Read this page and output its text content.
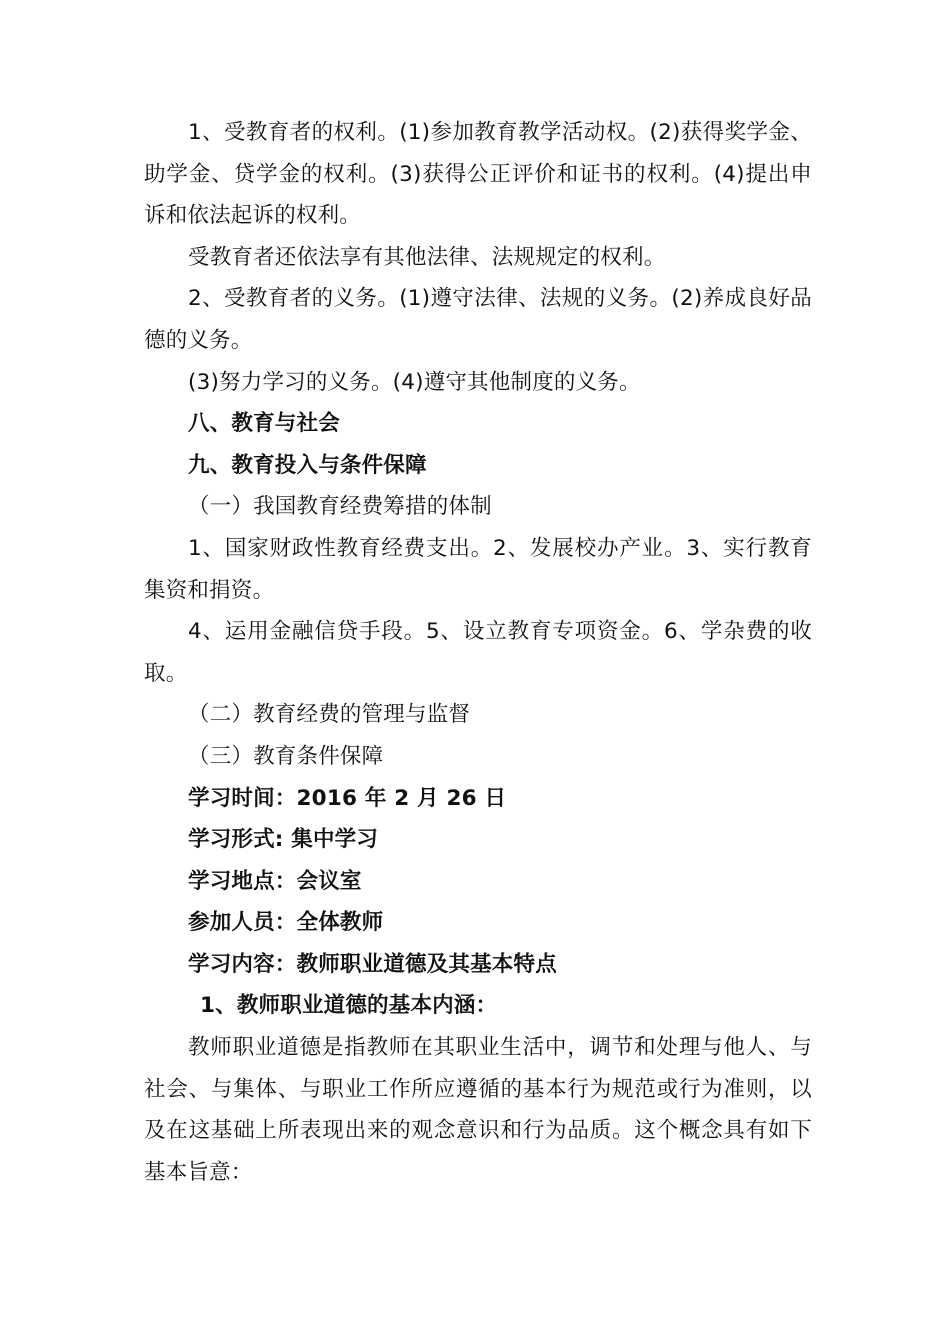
1、受教育者的权利。(1)参加教育教学活动权。(2)获得奖学金、助学金、贷学金的权利。(3)获得公正评价和证书的权利。(4)提出申诉和依法起诉的权利。

受教育者还依法享有其他法律、法规规定的权利。

2、受教育者的义务。(1)遵守法律、法规的义务。(2)养成良好品德的义务。

(3)努力学习的义务。(4)遵守其他制度的义务。

八、教育与社会

九、教育投入与条件保障

（一）我国教育经费筹措的体制

1、国家财政性教育经费支出。2、发展校办产业。3、实行教育集资和捐资。

4、运用金融信贷手段。5、设立教育专项资金。6、学杂费的收取。

（二）教育经费的管理与监督

（三）教育条件保障

学习时间：2016 年 2 月 26 日

学习形式: 集中学习

学习地点：会议室

参加人员：全体教师

学习内容：教师职业道德及其基本特点

1、教师职业道德的基本内涵：

教师职业道德是指教师在其职业生活中，调节和处理与他人、与社会、与集体、与职业工作所应遵循的基本行为规范或行为准则，以及在这基础上所表现出来的观念意识和行为品质。这个概念具有如下基本旨意：
